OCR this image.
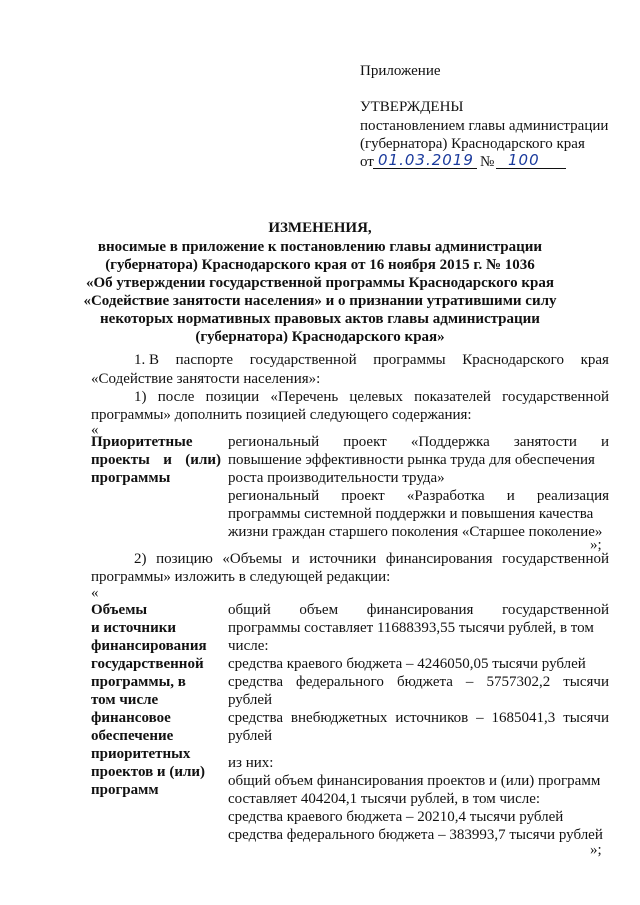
Приложение
УТВЕРЖДЕНЫ
постановлением главы администрации
(губернатора) Краснодарского края
от 01.03.2019 № 100
ИЗМЕНЕНИЯ,
вносимые в приложение к постановлению главы администрации
(губернатора) Краснодарского края от 16 ноября 2015 г. № 1036
«Об утверждении государственной программы Краснодарского края
«Содействие занятости населения» и о признании утратившими силу
некоторых нормативных правовых актов главы администрации
(губернатора) Краснодарского края»
1. В паспорте государственной программы Краснодарского края
«Содействие занятости населения»:
1) после позиции «Перечень целевых показателей государственной
программы» дополнить позицией следующего содержания:
«
Приоритетные
проекты и (или)
программы
региональный проект «Поддержка занятости и
повышение эффективности рынка труда для обеспечения
роста производительности труда»
региональный проект «Разработка и реализация
программы системной поддержки и повышения качества
жизни граждан старшего поколения «Старшее поколение»
»;
2) позицию «Объемы и источники финансирования государственной
программы» изложить в следующей редакции:
«
Объемы
и источники
финансирования
государственной
программы, в
том числе
финансовое
обеспечение
приоритетных
проектов и (или)
программ
общий объем финансирования государственной
программы составляет 11688393,55 тысячи рублей, в том
числе:
средства краевого бюджета – 4246050,05 тысячи рублей
средства федерального бюджета – 5757302,2 тысячи
рублей
средства внебюджетных источников – 1685041,3 тысячи
рублей
из них:
общий объем финансирования проектов и (или) программ
составляет 404204,1 тысячи рублей, в том числе:
средства краевого бюджета – 20210,4 тысячи рублей
средства федерального бюджета – 383993,7 тысячи рублей
»;
